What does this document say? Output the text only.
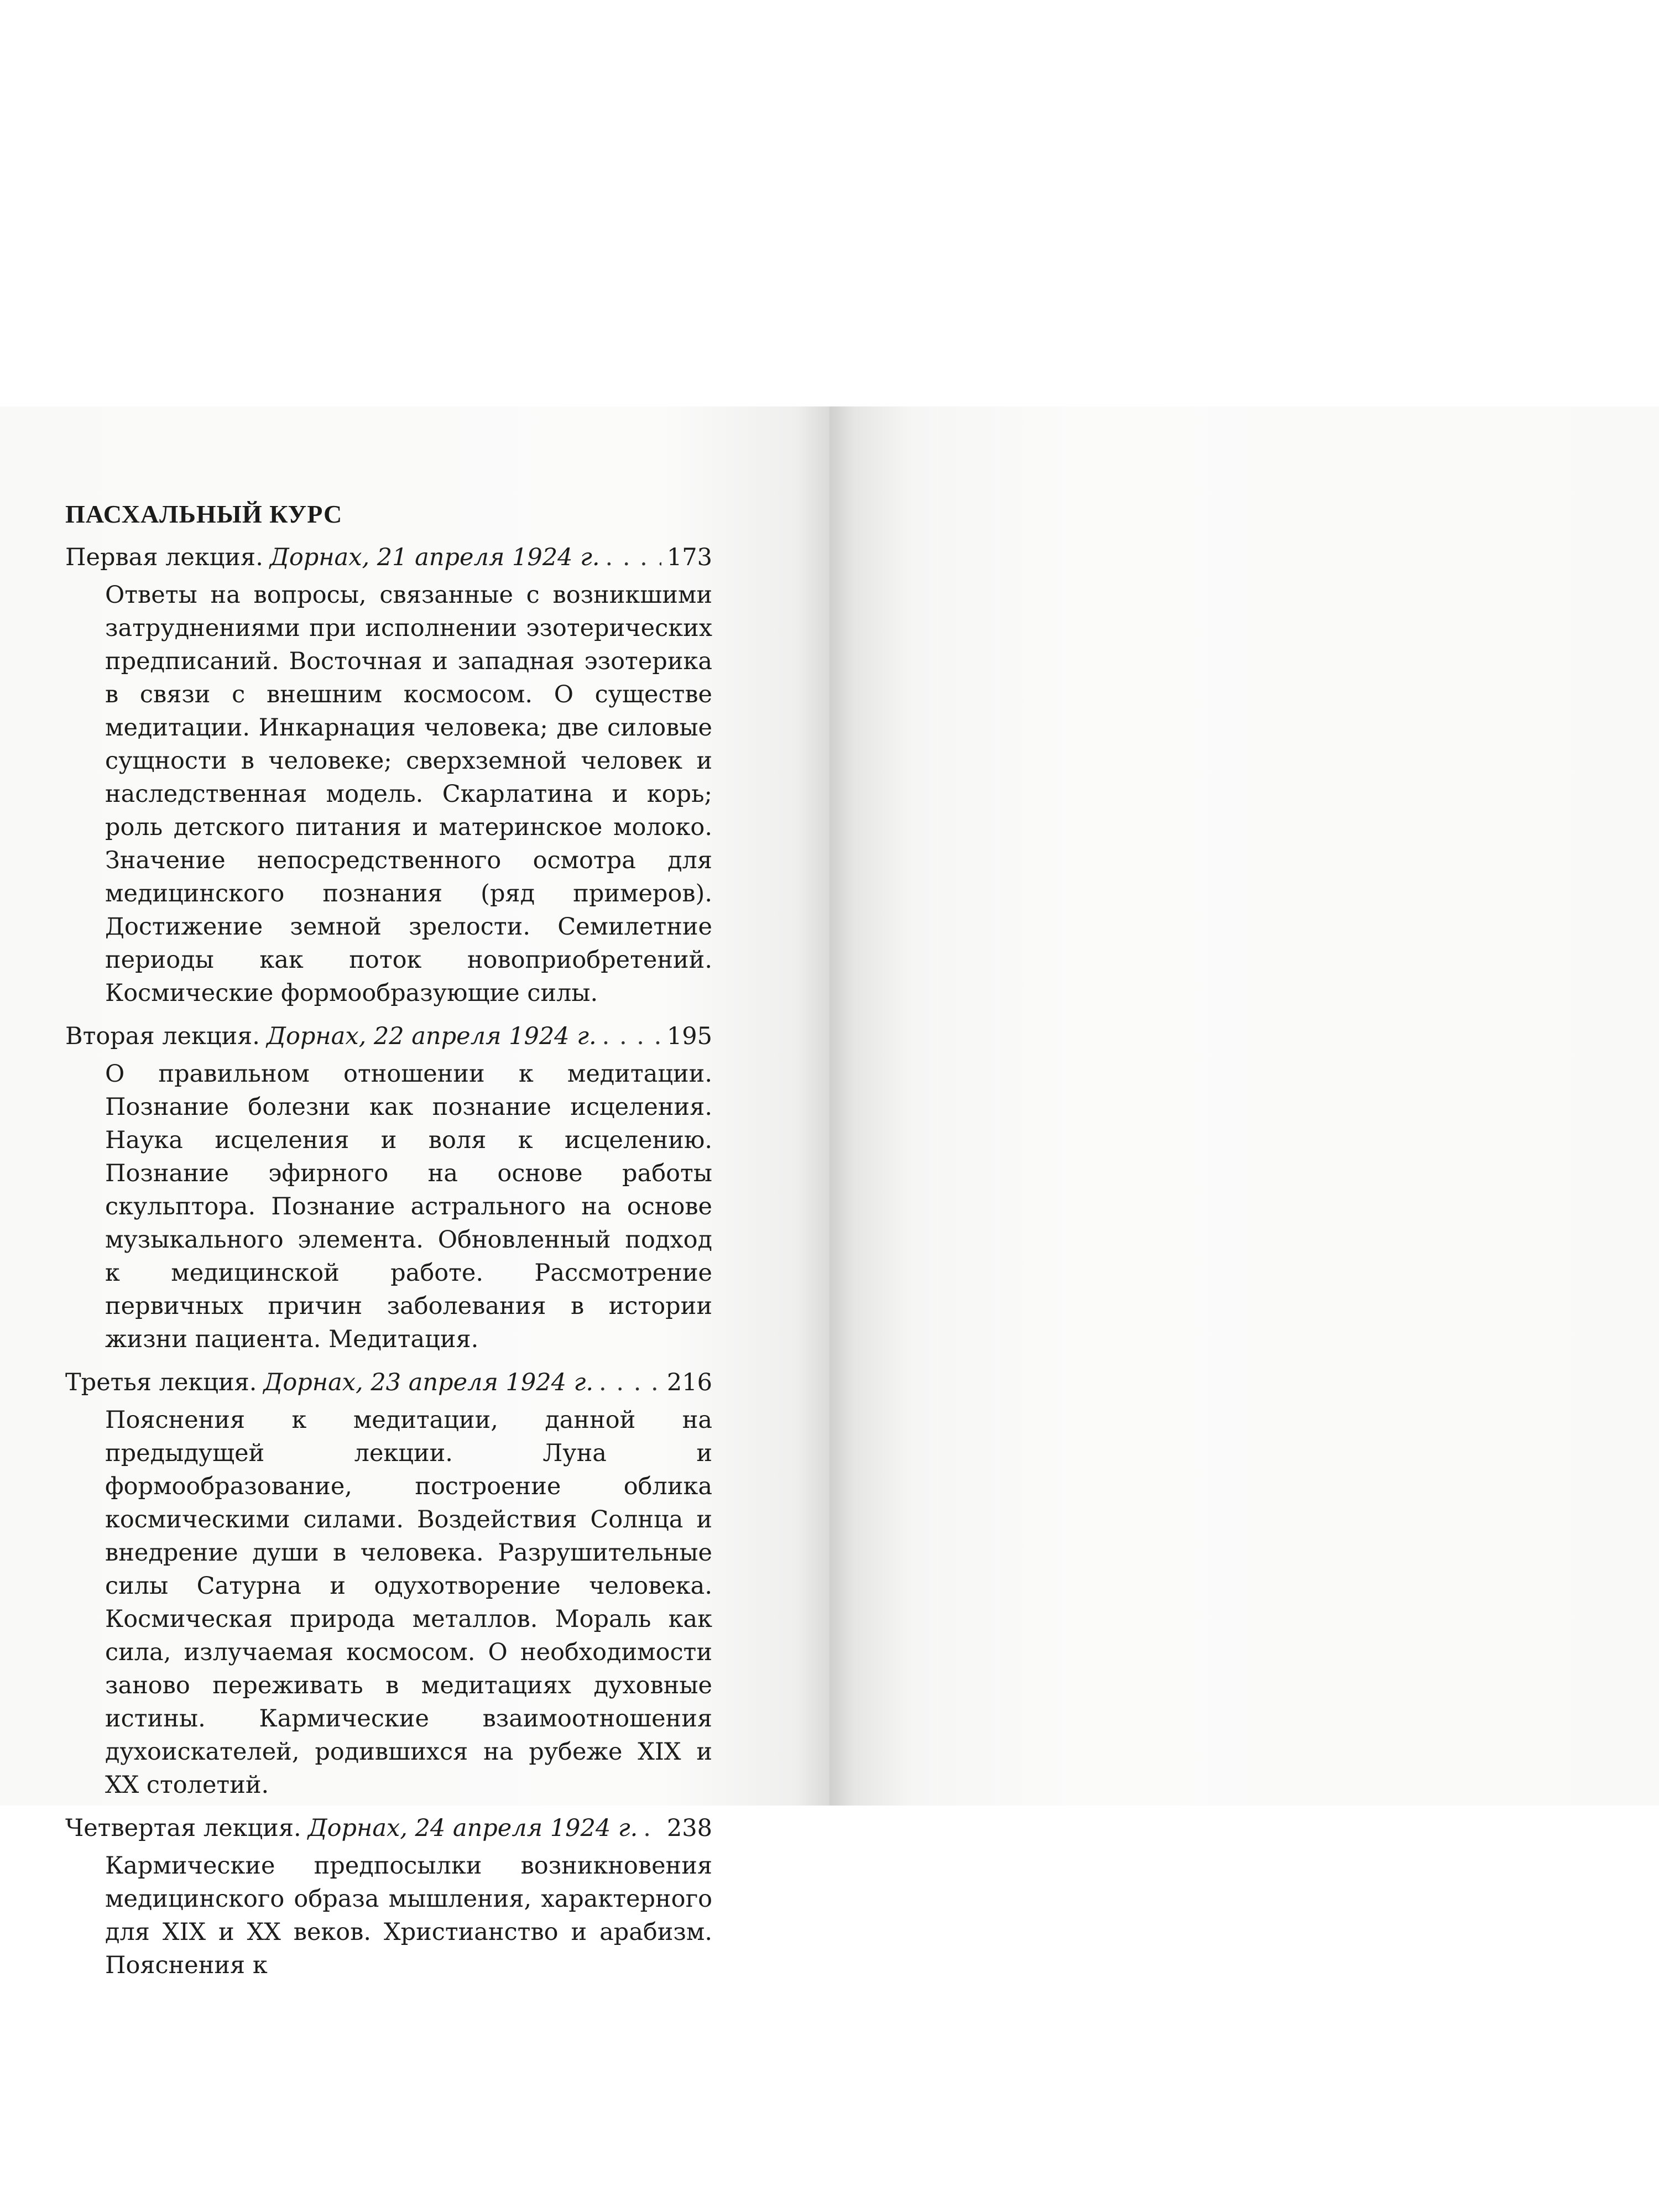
ПАСХАЛЬНЫЙ КУРС
Первая лекция. Дорнах, 21 апреля 1924 г. . . .	173
Ответы на вопросы, связанные с возникшими затруднениями при исполнении эзотерических предписаний. Восточная и западная эзотерика в связи с внешним космосом. О существе медитации. Инкарнация человека; две силовые сущности в человеке; сверхземной человек и наследственная модель. Скарлатина и корь; роль детского питания и материнское молоко. Значение непосредственного осмотра для медицинского познания (ряд примеров). Достижение земной зрелости. Семилетние периоды как поток новоприобретений. Космические формообразующие силы.
Вторая лекция. Дорнах, 22 апреля 1924 г. . . .	195
О правильном отношении к медитации. Познание болезни как познание исцеления. Наука исцеления и воля к исцелению. Познание эфирного на основе работы скульптора. Познание астрального на основе музыкального элемента. Обновленный подход к медицинской работе. Рассмотрение первичных причин заболевания в истории жизни пациента. Медитация.
Третья лекция. Дорнах, 23 апреля 1924 г. . . .	216
Пояснения к медитации, данной на предыдущей лекции. Луна и формообразование, построение облика космическими силами. Воздействия Солнца и внедрение души в человека. Разрушительные силы Сатурна и одухотворение человека. Космическая природа металлов. Мораль как сила, излучаемая космосом. О необходимости заново переживать в медитациях духовные истины. Кармические взаимоотношения духоискателей, родившихся на рубеже XIX и XX столетий.
Четвертая лекция. Дорнах, 24 апреля 1924 г. . . . 238
Кармические предпосылки возникновения медицинского образа мышления, характерного для XIX и XX веков. Христианство и арабизм. Пояснения к
